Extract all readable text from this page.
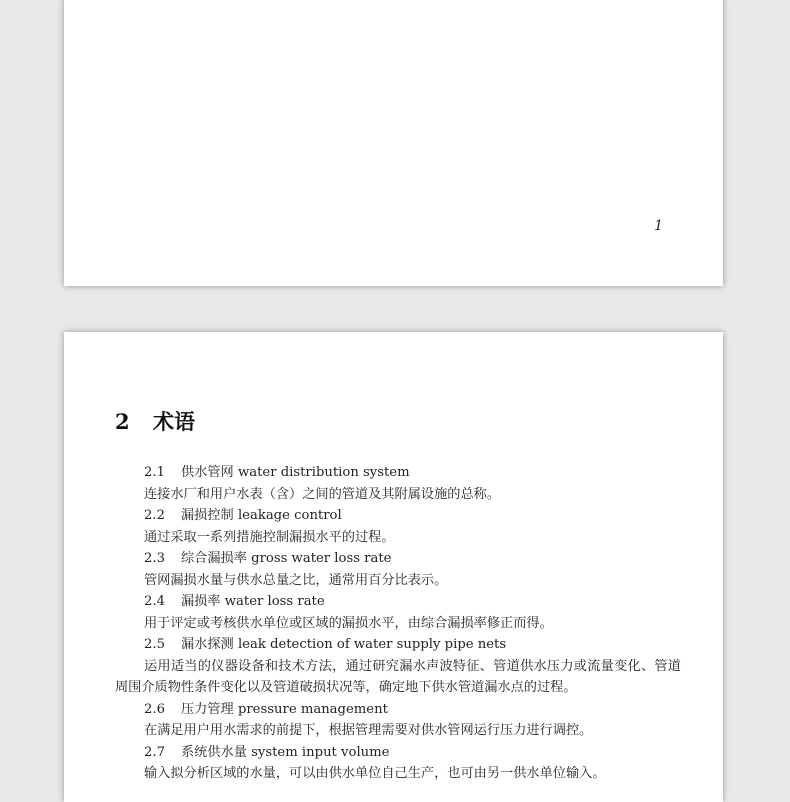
1
2 术语
2.1 供水管网 water distribution system
连接水厂和用户水表（含）之间的管道及其附属设施的总称。
2.2 漏损控制 leakage control
通过采取一系列措施控制漏损水平的过程。
2.3 综合漏损率 gross water loss rate
管网漏损水量与供水总量之比，通常用百分比表示。
2.4 漏损率 water loss rate
用于评定或考核供水单位或区域的漏损水平，由综合漏损率修正而得。
2.5 漏水探测 leak detection of water supply pipe nets
运用适当的仪器设备和技术方法，通过研究漏水声波特征、管道供水压力或流量变化、管道周围介质物性条件变化以及管道破损状况等，确定地下供水管道漏水点的过程。
2.6 压力管理 pressure management
在满足用户用水需求的前提下，根据管理需要对供水管网运行压力进行调控。
2.7 系统供水量 system input volume
输入拟分析区域的水量，可以由供水单位自己生产，也可由另一供水单位输入。
